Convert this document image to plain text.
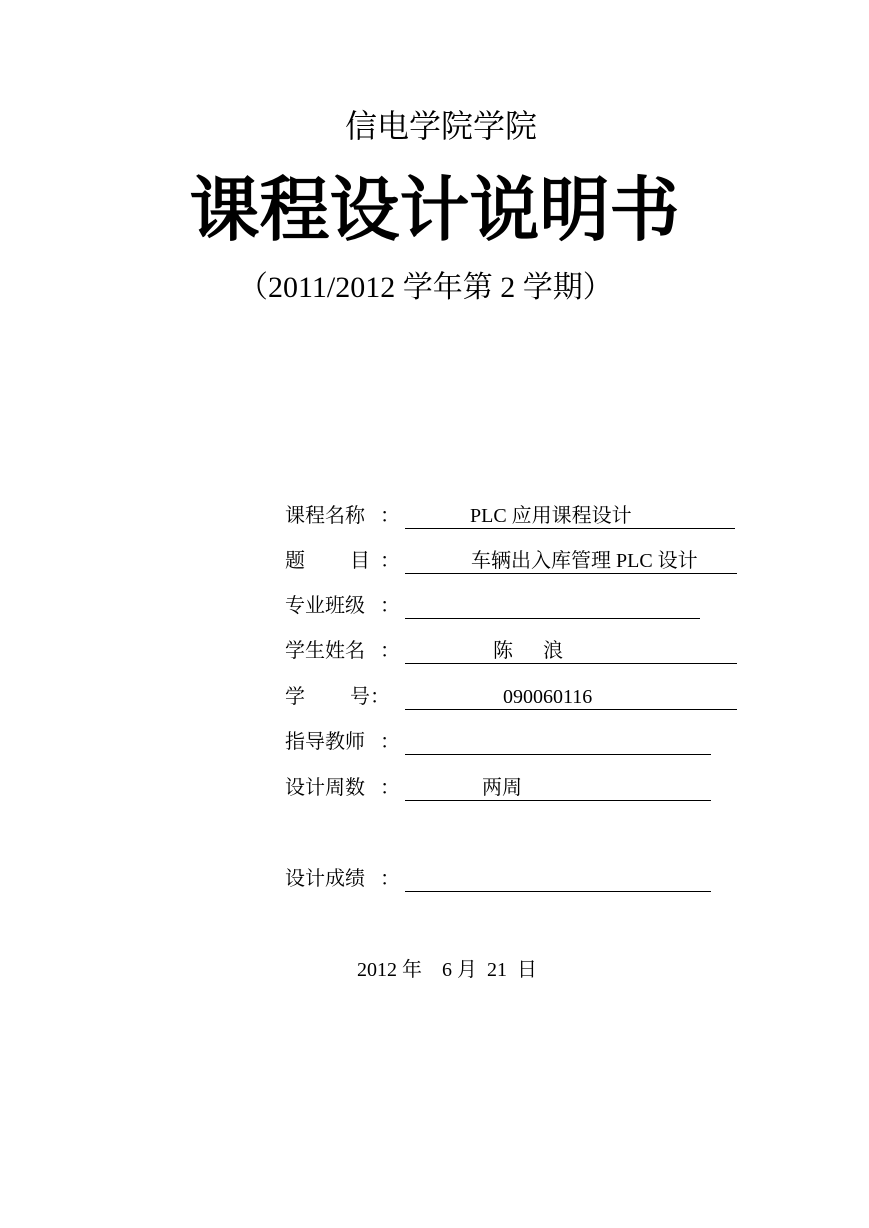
信电学院学院
课程设计说明书
（2011/2012 学年第 2 学期）
课程名称 ：	PLC 应用课程设计
题 目 ：	车辆出入库管理 PLC 设计
专业班级 ：
学生姓名 ：	陈      浪
学 号 ：	090060116
指导教师 ：
设计周数 ：	两周
设计成绩 ：
2012 年    6 月  21  日
